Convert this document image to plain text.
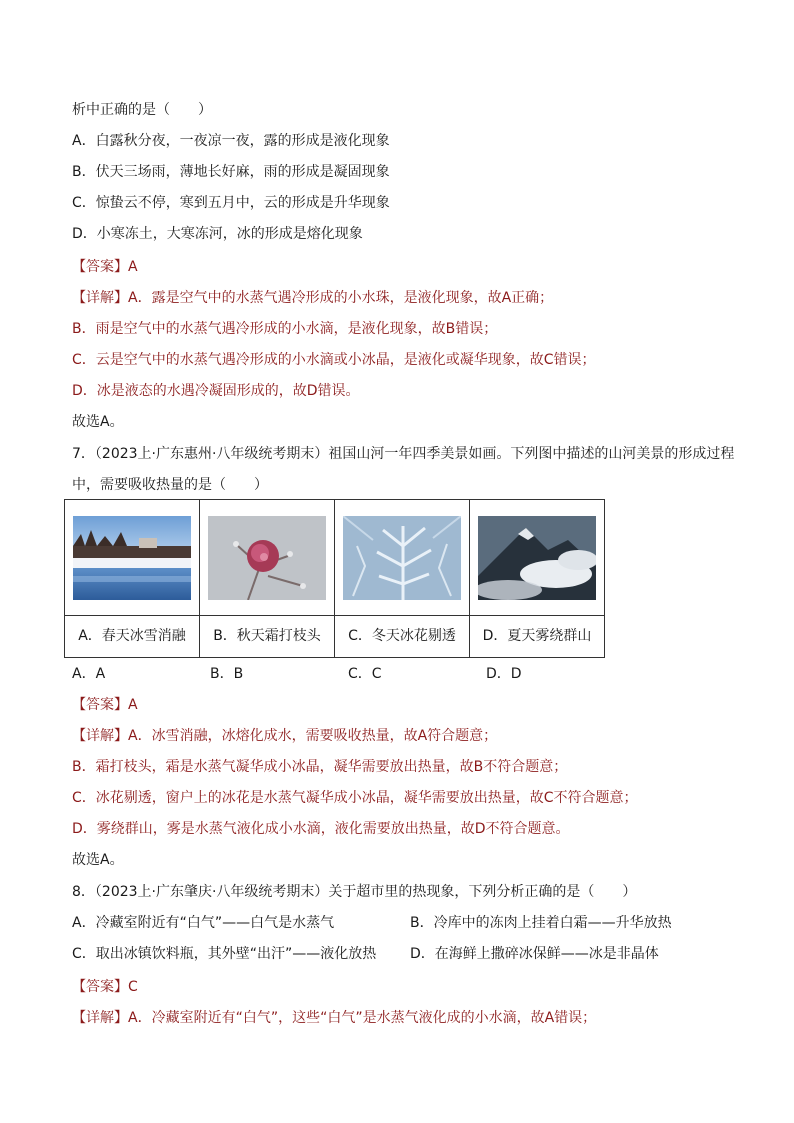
析中正确的是（　　）
A．白露秋分夜，一夜凉一夜，露的形成是液化现象
B．伏天三场雨，薄地长好麻，雨的形成是凝固现象
C．惊蛰云不停，寒到五月中，云的形成是升华现象
D．小寒冻土，大寒冻河，冰的形成是熔化现象
【答案】A
【详解】A．露是空气中的水蒸气遇冷形成的小水珠，是液化现象，故A正确；
B．雨是空气中的水蒸气遇冷形成的小水滴，是液化现象，故B错误；
C．云是空气中的水蒸气遇冷形成的小水滴或小冰晶，是液化或凝华现象，故C错误；
D．冰是液态的水遇冷凝固形成的，故D错误。
故选A。
7．（2023上·广东惠州·八年级统考期末）祖国山河一年四季美景如画。下列图中描述的山河美景的形成过程
中，需要吸收热量的是（　　）

A．春天冰雪消融	B．秋天霜打枝头	C．冬天冰花剔透	D．夏天雾绕群山
A．A	B．B	C．C	D．D
【答案】A
【详解】A．冰雪消融，冰熔化成水，需要吸收热量，故A符合题意；
B．霜打枝头，霜是水蒸气凝华成小冰晶，凝华需要放出热量，故B不符合题意；
C．冰花剔透，窗户上的冰花是水蒸气凝华成小冰晶，凝华需要放出热量，故C不符合题意；
D．雾绕群山，雾是水蒸气液化成小水滴，液化需要放出热量，故D不符合题意。
故选A。
8．（2023上·广东肇庆·八年级统考期末）关于超市里的热现象，下列分析正确的是（　　）
A．冷藏室附近有“白气”——白气是水蒸气	B．冷库中的冻肉上挂着白霜——升华放热
C．取出冰镇饮料瓶，其外壁“出汗”——液化放热 D．在海鲜上撒碎冰保鲜——冰是非晶体
【答案】C
【详解】A．冷藏室附近有“白气”，这些“白气”是水蒸气液化成的小水滴，故A错误；
